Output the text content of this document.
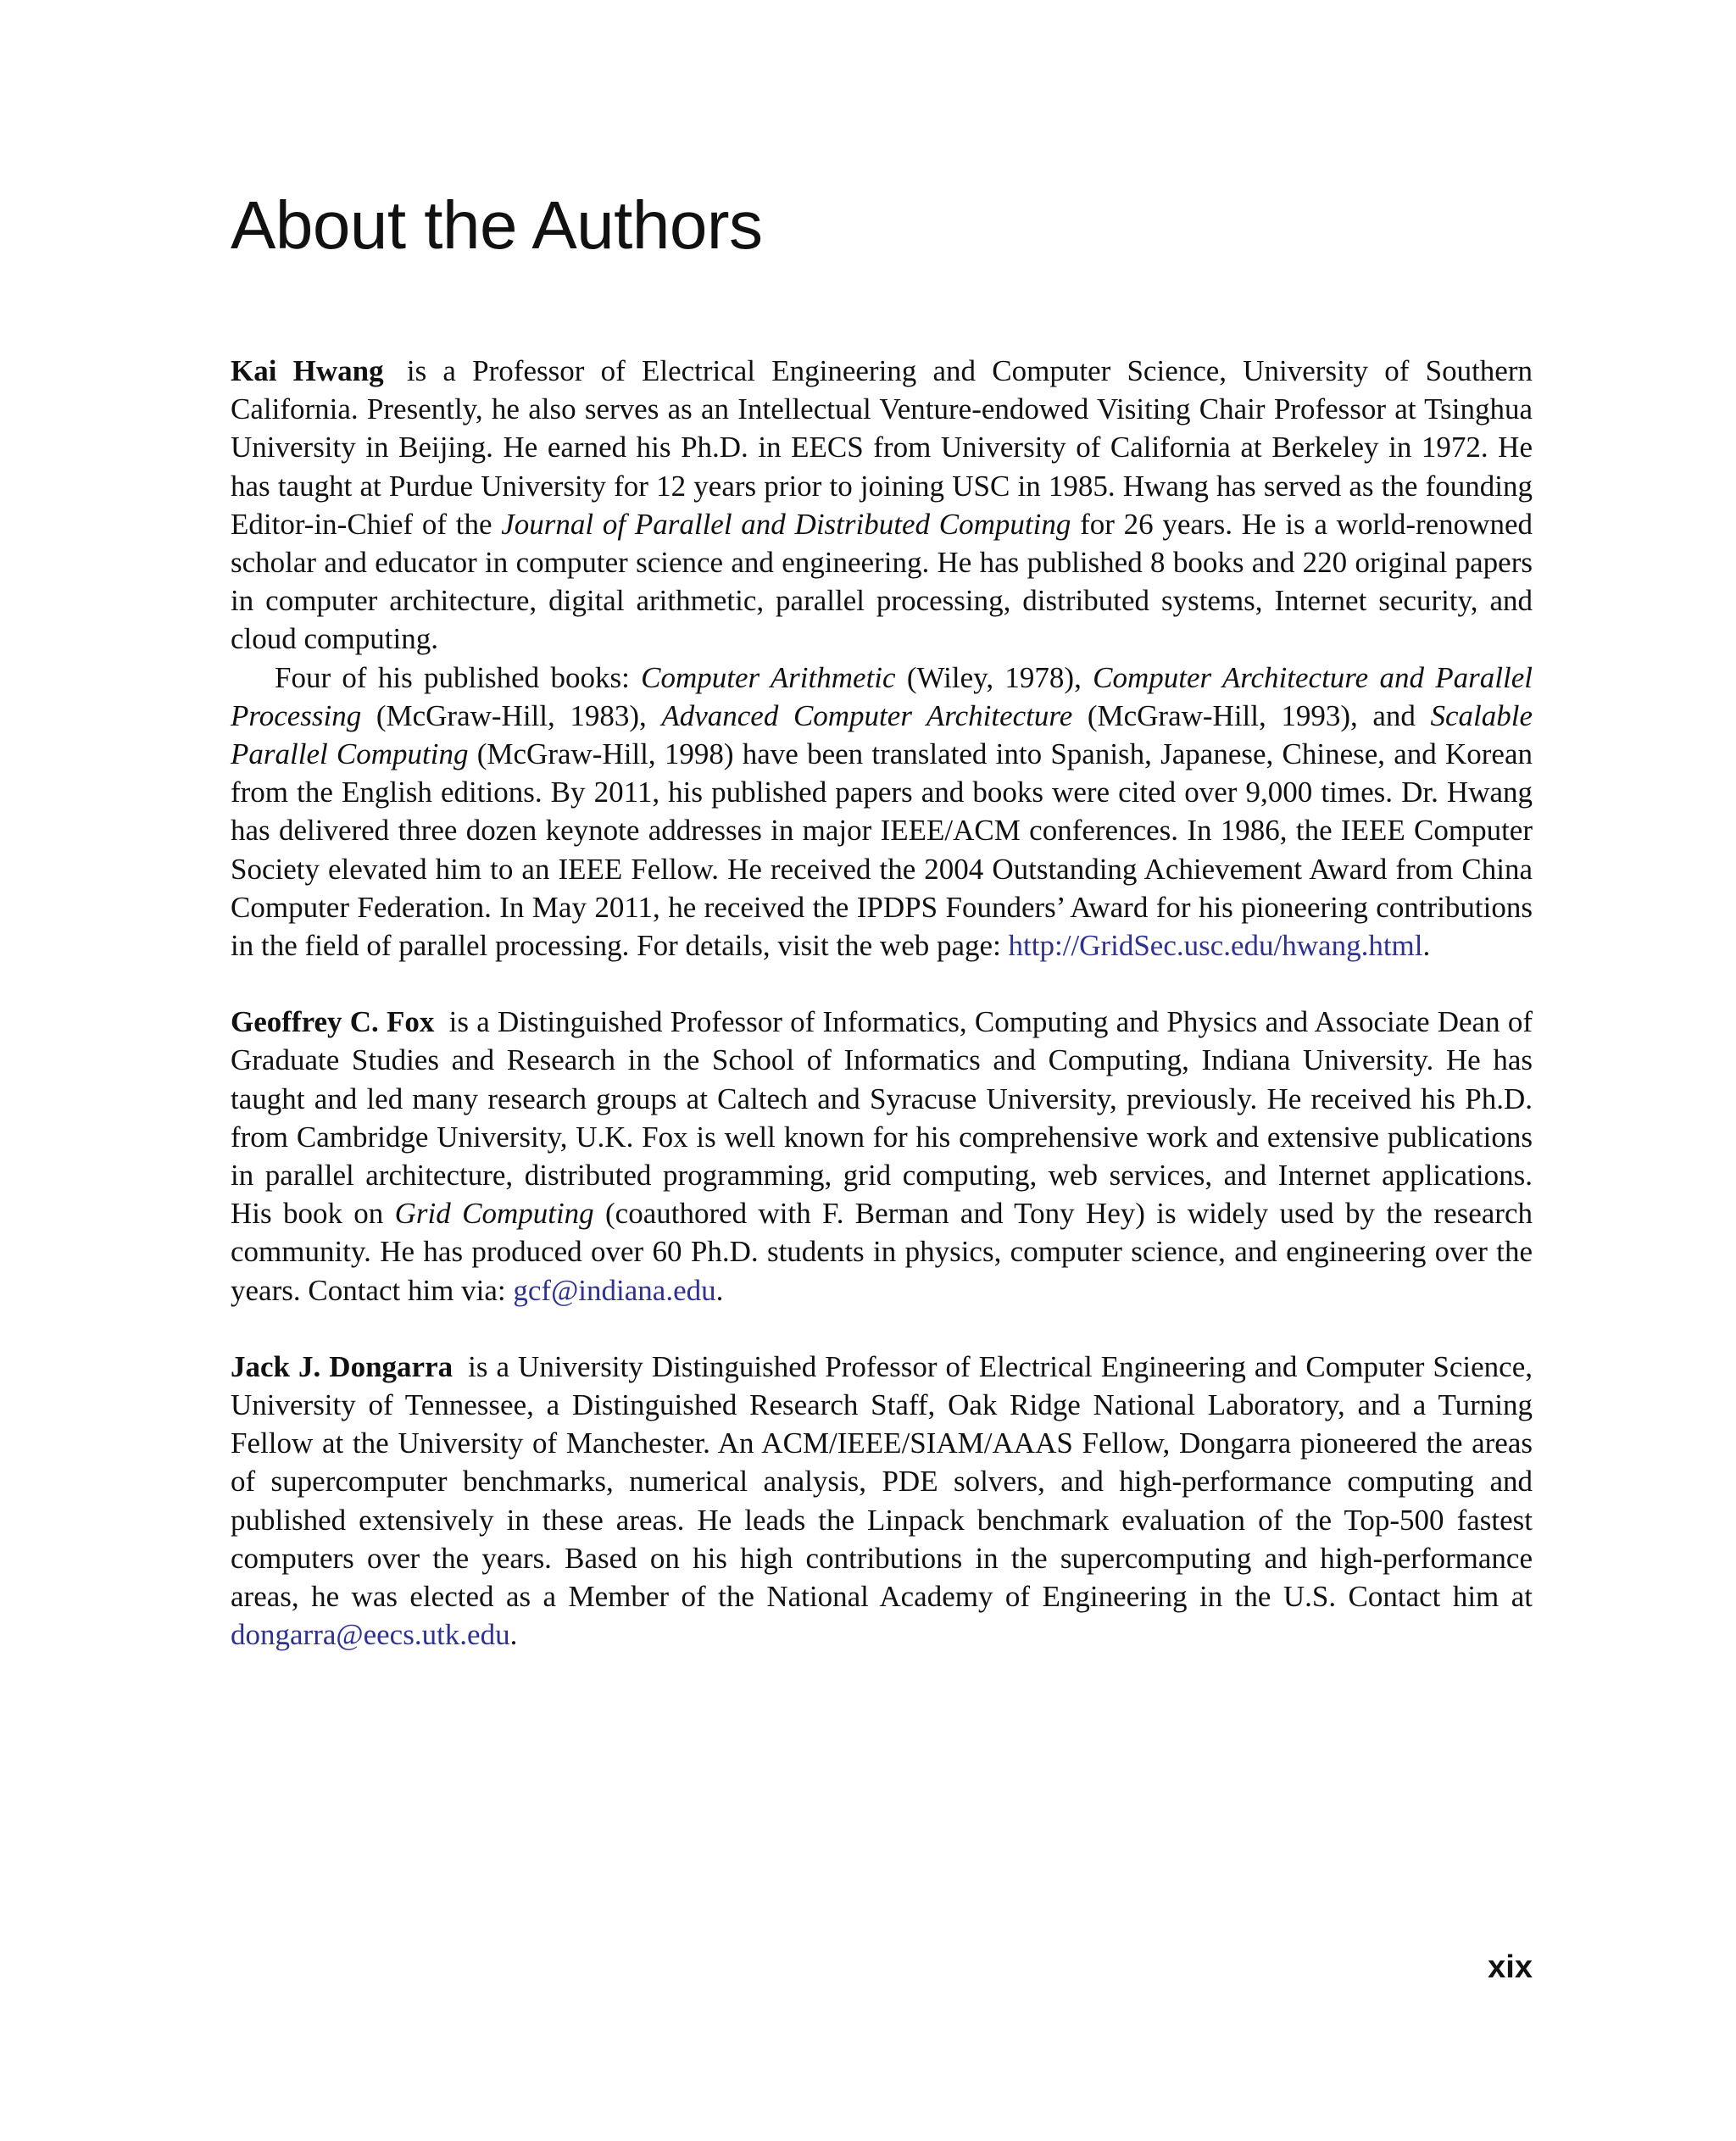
About the Authors

Kai Hwang is a Professor of Electrical Engineering and Computer Science, University of Southern California. Presently, he also serves as an Intellectual Venture-endowed Visiting Chair Professor at Tsinghua University in Beijing. He earned his Ph.D. in EECS from University of California at Berkeley in 1972. He has taught at Purdue University for 12 years prior to joining USC in 1985. Hwang has served as the founding Editor-in-Chief of the Journal of Parallel and Distributed Computing for 26 years. He is a world-renowned scholar and educator in computer science and engineering. He has published 8 books and 220 original papers in computer architecture, digital arithmetic, parallel processing, distributed systems, Internet security, and cloud computing.

Four of his published books: Computer Arithmetic (Wiley, 1978), Computer Architecture and Parallel Processing (McGraw-Hill, 1983), Advanced Computer Architecture (McGraw-Hill, 1993), and Scalable Parallel Computing (McGraw-Hill, 1998) have been translated into Spanish, Japanese, Chinese, and Korean from the English editions. By 2011, his published papers and books were cited over 9,000 times. Dr. Hwang has delivered three dozen keynote addresses in major IEEE/ACM conferences. In 1986, the IEEE Computer Society elevated him to an IEEE Fellow. He received the 2004 Outstanding Achievement Award from China Computer Federation. In May 2011, he received the IPDPS Founders’ Award for his pioneering contributions in the field of parallel processing. For details, visit the web page: http://GridSec.usc.edu/hwang.html.

Geoffrey C. Fox is a Distinguished Professor of Informatics, Computing and Physics and Associate Dean of Graduate Studies and Research in the School of Informatics and Computing, Indiana University. He has taught and led many research groups at Caltech and Syracuse University, previously. He received his Ph.D. from Cambridge University, U.K. Fox is well known for his comprehensive work and extensive publications in parallel architecture, distributed programming, grid computing, web services, and Internet applications. His book on Grid Computing (coauthored with F. Berman and Tony Hey) is widely used by the research community. He has produced over 60 Ph.D. students in physics, computer science, and engineering over the years. Contact him via: gcf@indiana.edu.

Jack J. Dongarra is a University Distinguished Professor of Electrical Engineering and Computer Science, University of Tennessee, a Distinguished Research Staff, Oak Ridge National Laboratory, and a Turning Fellow at the University of Manchester. An ACM/IEEE/SIAM/AAAS Fellow, Dongarra pioneered the areas of supercomputer benchmarks, numerical analysis, PDE solvers, and high-performance computing and published extensively in these areas. He leads the Linpack benchmark evaluation of the Top-500 fastest computers over the years. Based on his high contributions in the supercomputing and high-performance areas, he was elected as a Member of the National Academy of Engineering in the U.S. Contact him at dongarra@eecs.utk.edu.

xix
